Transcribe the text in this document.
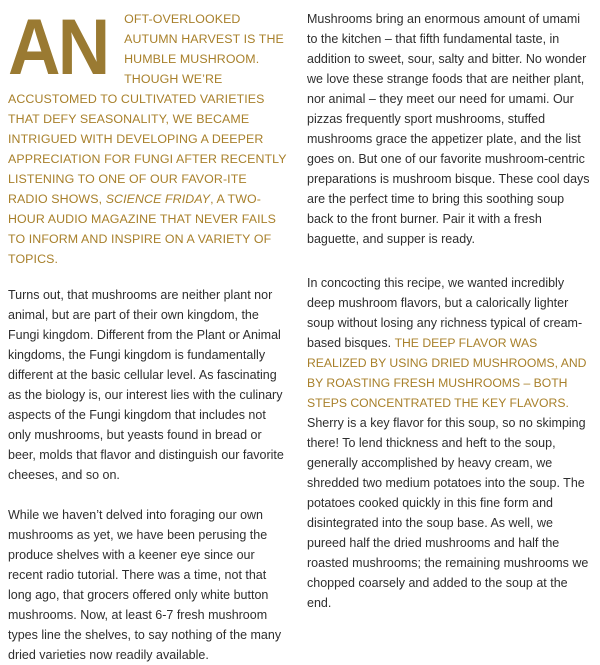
AN OFT-OVERLOOKED AUTUMN HARVEST IS THE HUMBLE MUSHROOM. THOUGH WE’RE ACCUSTOMED TO CULTIVATED VARIETIES THAT DEFY SEASONALITY, WE BECAME INTRIGUED WITH DEVELOPING A DEEPER APPRECIATION FOR FUNGI AFTER RECENTLY LISTENING TO ONE OF OUR FAVOR-ITE RADIO SHOWS, SCIENCE FRIDAY, A TWO-HOUR AUDIO MAGAZINE THAT NEVER FAILS TO INFORM AND INSPIRE ON A VARIETY OF TOPICS.

Turns out, that mushrooms are neither plant nor animal, but are part of their own kingdom, the Fungi kingdom. Different from the Plant or Animal kingdoms, the Fungi kingdom is fundamentally different at the basic cellular level. As fascinating as the biology is, our interest lies with the culinary aspects of the Fungi kingdom that includes not only mushrooms, but yeasts found in bread or beer, molds that flavor and distinguish our favorite cheeses, and so on.

While we haven’t delved into foraging our own mushrooms as yet, we have been perusing the produce shelves with a keener eye since our recent radio tutorial. There was a time, not that long ago, that grocers offered only white button mushrooms. Now, at least 6-7 fresh mushroom types line the shelves, to say nothing of the many dried varieties now readily available.

Mushrooms bring an enormous amount of umami to the kitchen – that fifth fundamental taste, in addition to sweet, sour, salty and bitter. No wonder we love these strange foods that are neither plant, nor animal – they meet our need for umami. Our pizzas frequently sport mushrooms, stuffed mushrooms grace the appetizer plate, and the list goes on. But one of our favorite mushroom-centric preparations is mushroom bisque. These cool days are the perfect time to bring this soothing soup back to the front burner. Pair it with a fresh baguette, and supper is ready.

In concocting this recipe, we wanted incredibly deep mushroom flavors, but a calorically lighter soup without losing any richness typical of cream-based bisques. THE DEEP FLAVOR WAS REALIZED BY USING DRIED MUSHROOMS, AND BY ROASTING FRESH MUSHROOMS – BOTH STEPS CONCENTRATED THE KEY FLAVORS. Sherry is a key flavor for this soup, so no skimping there! To lend thickness and heft to the soup, generally accomplished by heavy cream, we shredded two medium potatoes into the soup. The potatoes cooked quickly in this fine form and disintegrated into the soup base. As well, we pureed half the dried mushrooms and half the roasted mushrooms; the remaining mushrooms we chopped coarsely and added to the soup at the end.
